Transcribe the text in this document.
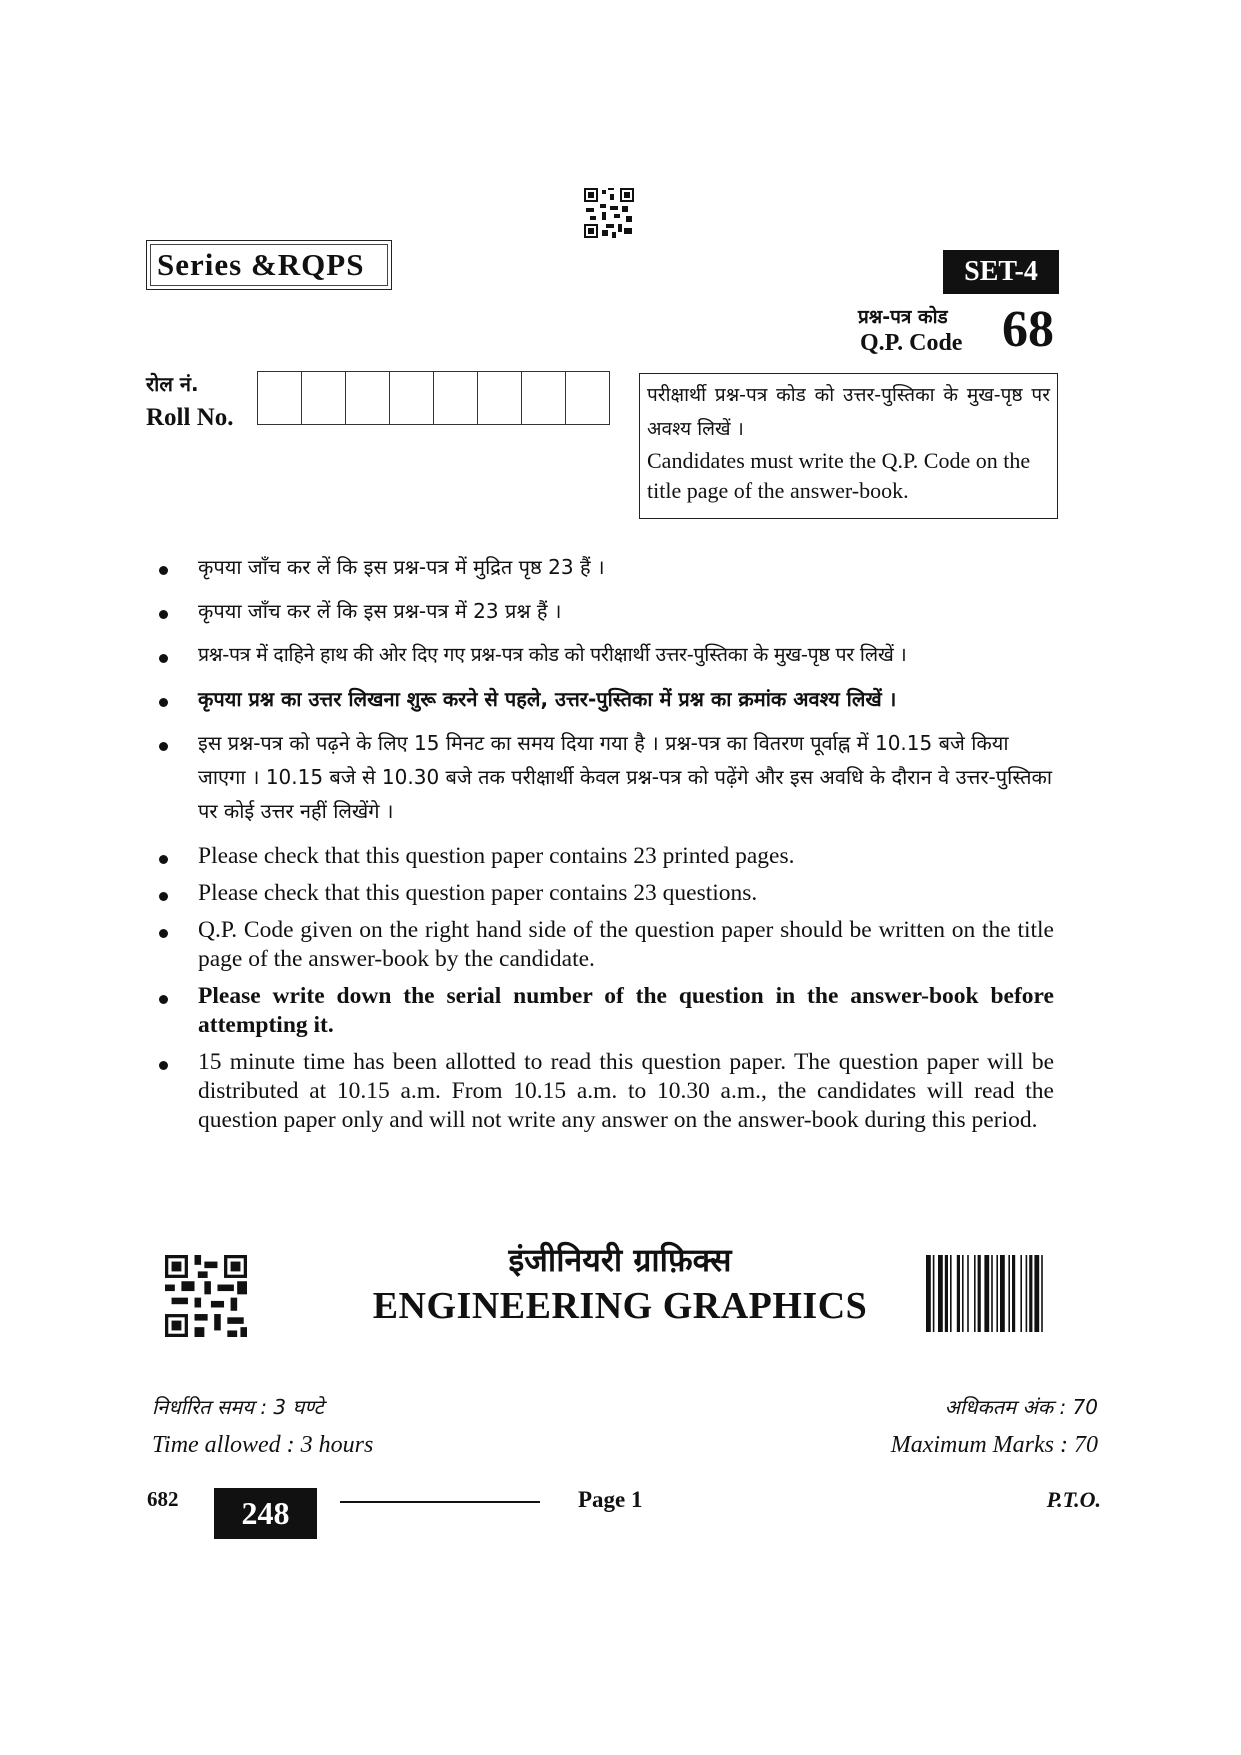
Series &RQPS	SET-4
प्रश्न-पत्र कोड
Q.P. Code 68
रोल नं.
Roll No.
परीक्षार्थी प्रश्न-पत्र कोड को उत्तर-पुस्तिका के मुख-पृष्ठ पर अवश्य लिखें ।
Candidates must write the Q.P. Code on the title page of the answer-book.
कृपया जाँच कर लें कि इस प्रश्न-पत्र में मुद्रित पृष्ठ 23 हैं ।
कृपया जाँच कर लें कि इस प्रश्न-पत्र में 23 प्रश्न हैं ।
प्रश्न-पत्र में दाहिने हाथ की ओर दिए गए प्रश्न-पत्र कोड को परीक्षार्थी उत्तर-पुस्तिका के मुख-पृष्ठ पर लिखें ।
कृपया प्रश्न का उत्तर लिखना शुरू करने से पहले, उत्तर-पुस्तिका में प्रश्न का क्रमांक अवश्य लिखें ।
इस प्रश्न-पत्र को पढ़ने के लिए 15 मिनट का समय दिया गया है । प्रश्न-पत्र का वितरण पूर्वाह्न में 10.15 बजे किया जाएगा । 10.15 बजे से 10.30 बजे तक परीक्षार्थी केवल प्रश्न-पत्र को पढ़ेंगे और इस अवधि के दौरान वे उत्तर-पुस्तिका पर कोई उत्तर नहीं लिखेंगे ।
Please check that this question paper contains 23 printed pages.
Please check that this question paper contains 23 questions.
Q.P. Code given on the right hand side of the question paper should be written on the title page of the answer-book by the candidate.
Please write down the serial number of the question in the answer-book before attempting it.
15 minute time has been allotted to read this question paper. The question paper will be distributed at 10.15 a.m. From 10.15 a.m. to 10.30 a.m., the candidates will read the question paper only and will not write any answer on the answer-book during this period.
इंजीनियरी ग्राफ़िक्स
ENGINEERING GRAPHICS
निर्धारित समय : 3 घण्टे
Time allowed : 3 hours
अधिकतम अंक : 70
Maximum Marks : 70
682	248	Page 1	P.T.O.
